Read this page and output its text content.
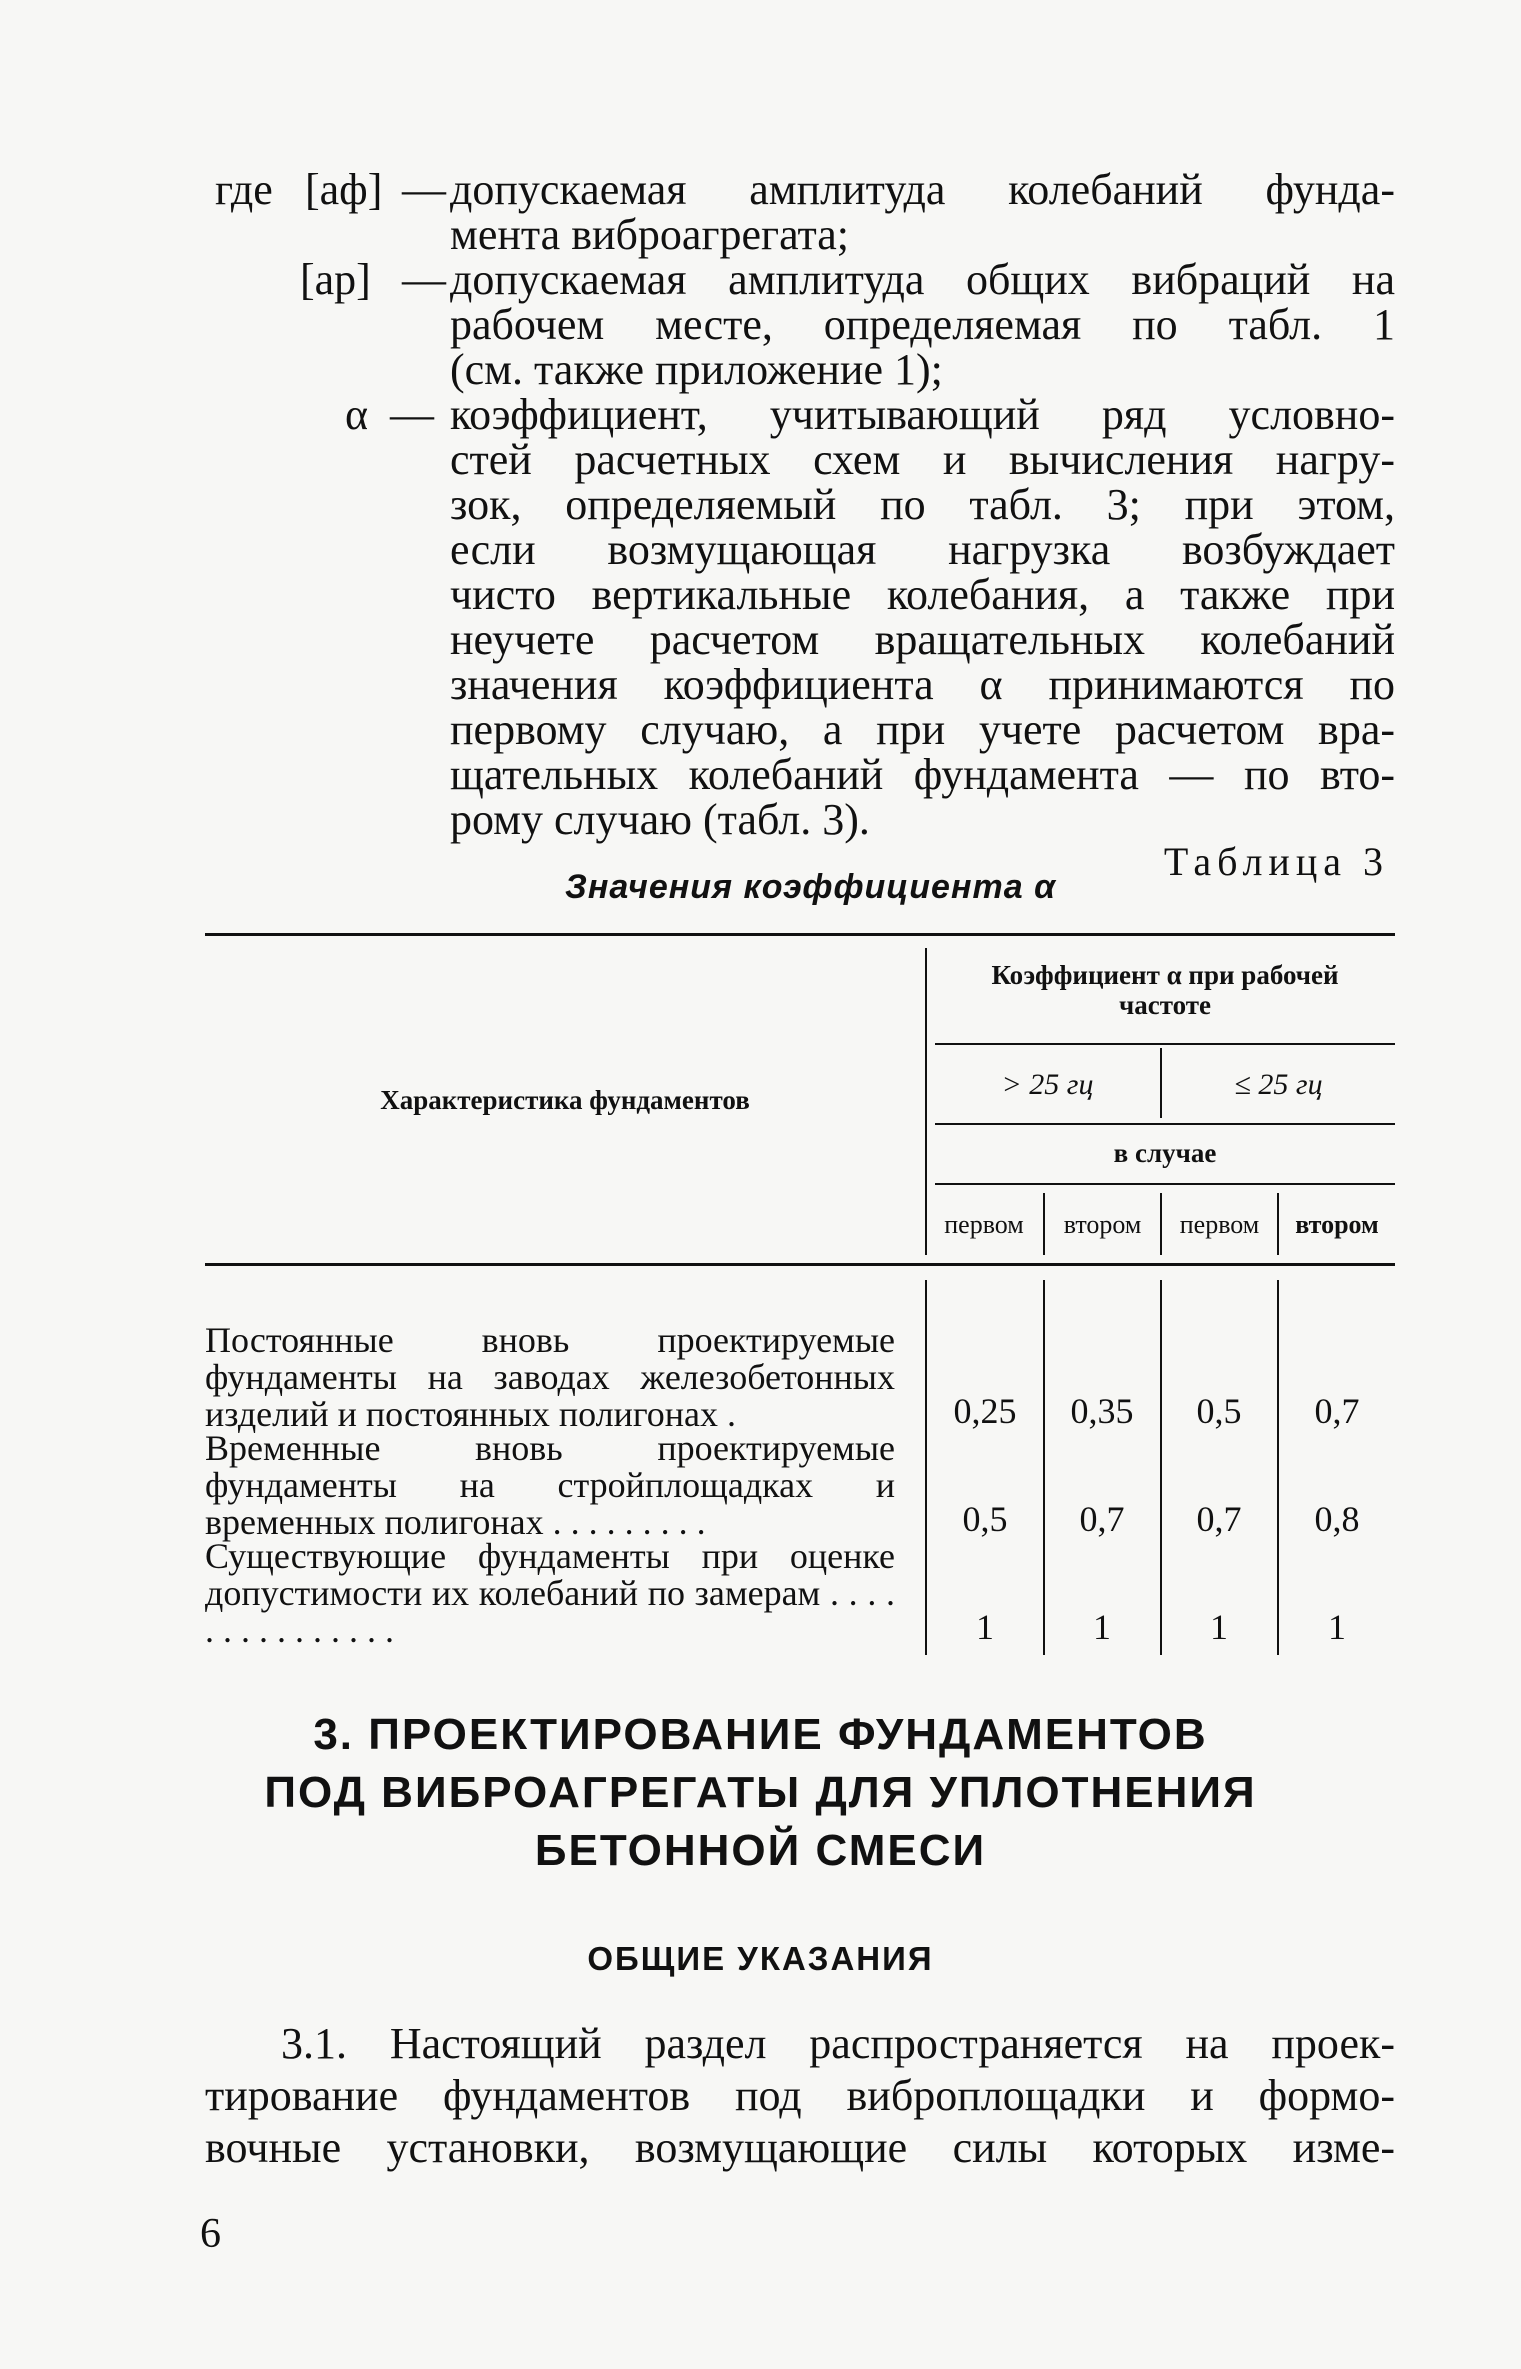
где [aф] — допускаемая амплитуда колебаний фунда-
мента виброагрегата;
[aр] — допускаемая амплитуда общих вибраций на
рабочем месте, определяемая по табл. 1
(см. также приложение 1);
α — коэффициент, учитывающий ряд условно-
стей расчетных схем и вычисления нагру-
зок, определяемый по табл. 3; при этом,
если возмущающая нагрузка возбуждает
чисто вертикальные колебания, а также при
неучете расчетом вращательных колебаний
значения коэффициента α принимаются по
первому случаю, а при учете расчетом вра-
щательных колебаний фундамента — по вто-
рому случаю (табл. 3).
Таблица 3
Значения коэффициента α
Характеристика фундаментов
Коэффициент α при рабочей частоте
> 25 гц	≤ 25 гц
в случае
первом	втором	первом	втором
Постоянные вновь проектируемые фундаменты на заводах железобетонных изделий и постоянных полигонах .	0,25	0,35	0,5	0,7
Временные вновь проектируемые фундаменты на стройплощадках и временных полигонах . . . . . . . . .	0,5	0,7	0,7	0,8
Существующие фундаменты при оценке допустимости их колебаний по замерам . . . . . . . . . . . . . . .	1	1	1	1
3. ПРОЕКТИРОВАНИЕ ФУНДАМЕНТОВ
ПОД ВИБРОАГРЕГАТЫ ДЛЯ УПЛОТНЕНИЯ
БЕТОННОЙ СМЕСИ
ОБЩИЕ УКАЗАНИЯ
3.1. Настоящий раздел распространяется на проек-
тирование фундаментов под виброплощадки и формо-
вочные установки, возмущающие силы которых изме-
6
